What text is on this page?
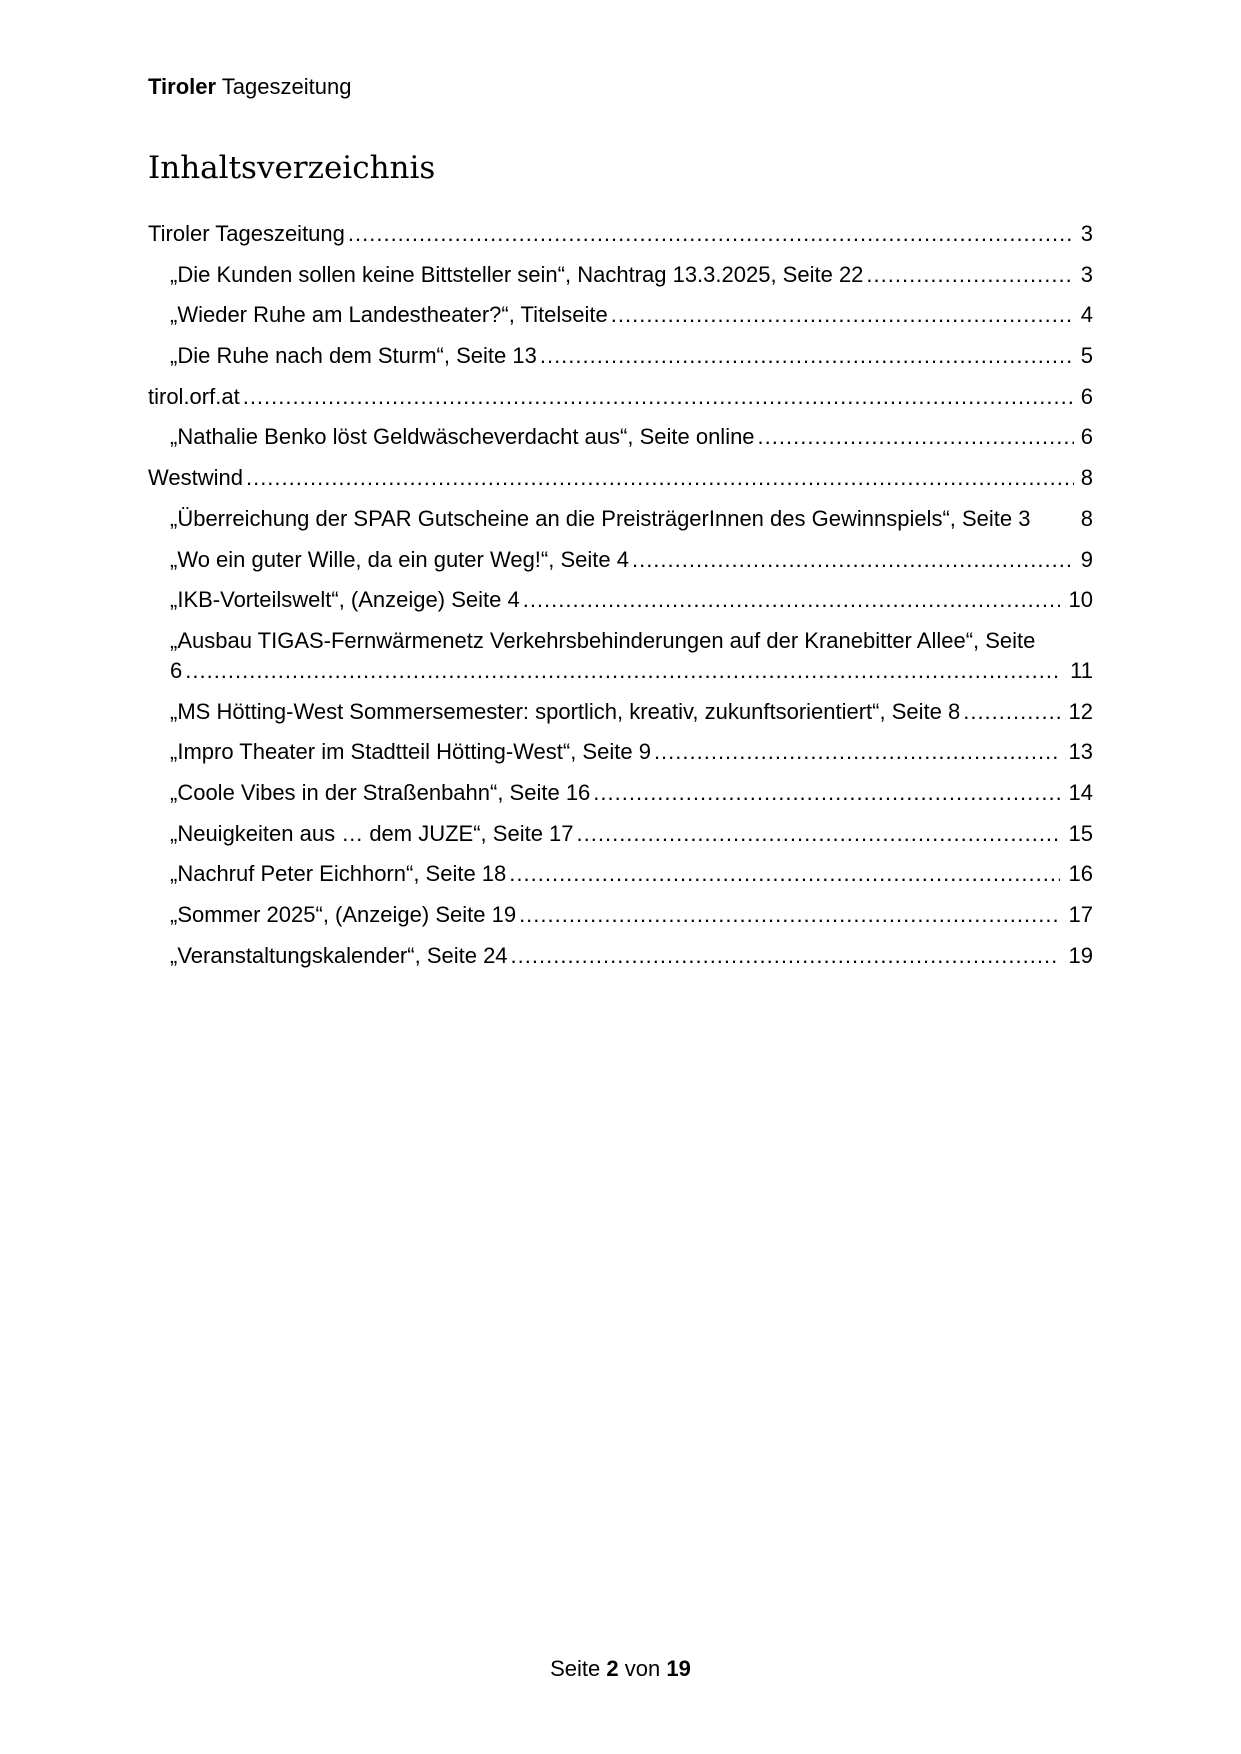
Tiroler Tageszeitung
Inhaltsverzeichnis
Tiroler Tageszeitung .....	3
„Die Kunden sollen keine Bittsteller sein“, Nachtrag 13.3.2025, Seite 22 .....	3
„Wieder Ruhe am Landestheater?“, Titelseite .....	4
„Die Ruhe nach dem Sturm“, Seite 13 .....	5
tirol.orf.at .....	6
„Nathalie Benko löst Geldwäscheverdacht aus“, Seite online .....	6
Westwind .....	8
„Überreichung der SPAR Gutscheine an die PreisträgerInnen des Gewinnspiels“, Seite 3	8
„Wo ein guter Wille, da ein guter Weg!“, Seite 4 .....	9
„IKB-Vorteilswelt“, (Anzeige) Seite 4 .....	10
„Ausbau TIGAS-Fernwärmenetz Verkehrsbehinderungen auf der Kranebitter Allee“, Seite
6 .....	11
„MS Hötting-West Sommersemester: sportlich, kreativ, zukunftsorientiert“, Seite 8 .....	12
„Impro Theater im Stadtteil Hötting-West“, Seite 9 .....	13
„Coole Vibes in der Straßenbahn“, Seite 16 .....	14
„Neuigkeiten aus … dem JUZE“, Seite 17 .....	15
„Nachruf Peter Eichhorn“, Seite 18 .....	16
„Sommer 2025“, (Anzeige) Seite 19 .....	17
„Veranstaltungskalender“, Seite 24 .....	19
Seite 2 von 19
